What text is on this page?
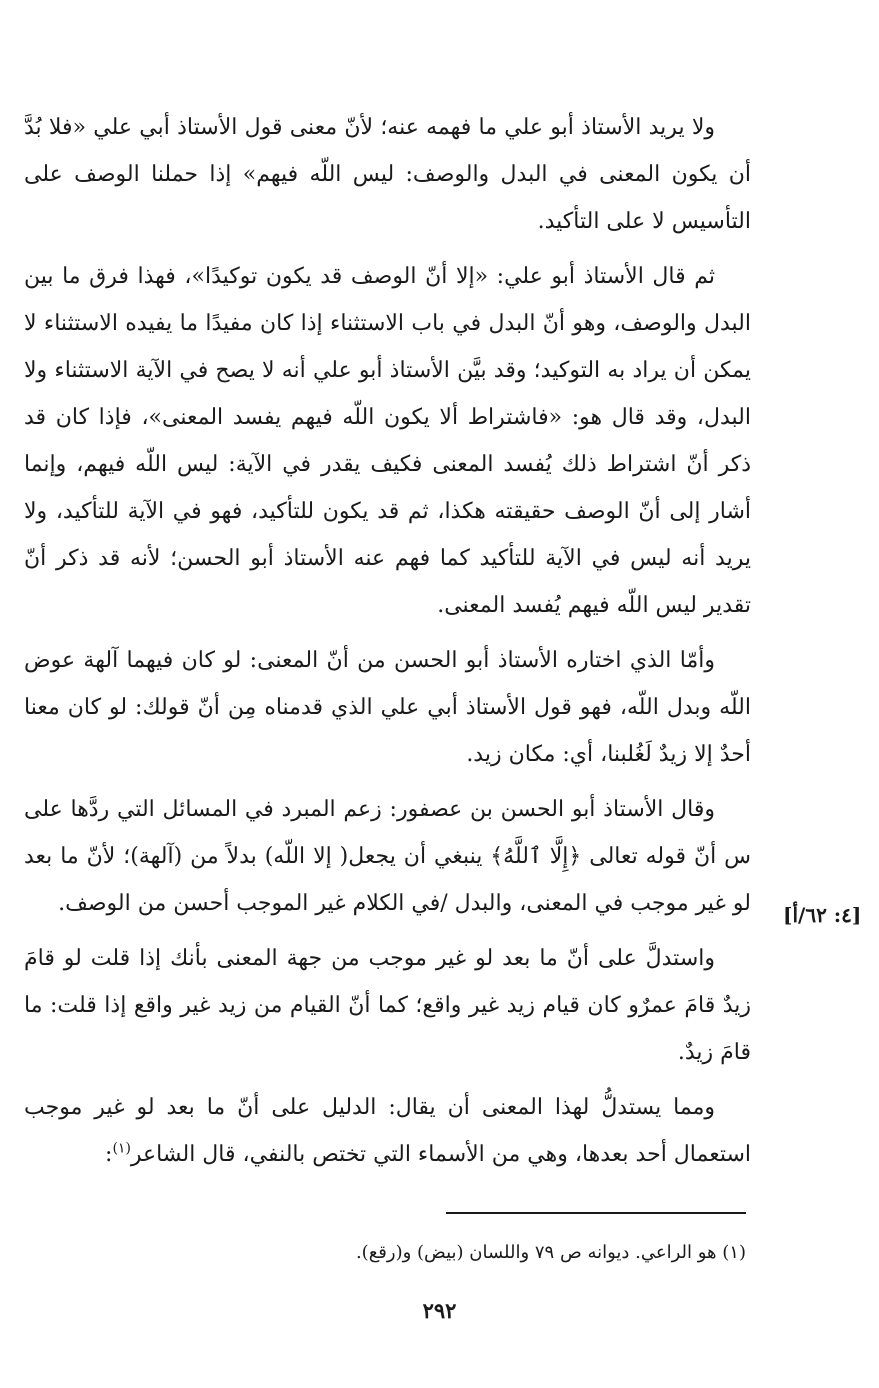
ولا يريد الأستاذ أبو علي ما فهمه عنه؛ لأنّ معنى قول الأستاذ أبي علي «فلا بُدَّ أن يكون المعنى في البدل والوصف: ليس اللّه فيهم» إذا حملنا الوصف على التأسيس لا على التأكيد.

ثم قال الأستاذ أبو علي: «إلا أنّ الوصف قد يكون توكيدًا»، فهذا فرق ما بين البدل والوصف، وهو أنّ البدل في باب الاستثناء إذا كان مفيدًا ما يفيده الاستثناء لا يمكن أن يراد به التوكيد؛ وقد بيَّن الأستاذ أبو علي أنه لا يصح في الآية الاستثناء ولا البدل، وقد قال هو: «فاشتراط ألا يكون اللّه فيهم يفسد المعنى»، فإذا كان قد ذكر أنّ اشتراط ذلك يُفسد المعنى فكيف يقدر في الآية: ليس اللّه فيهم، وإنما أشار إلى أنّ الوصف حقيقته هكذا، ثم قد يكون للتأكيد، فهو في الآية للتأكيد، ولا يريد أنه ليس في الآية للتأكيد كما فهم عنه الأستاذ أبو الحسن؛ لأنه قد ذكر أنّ تقدير ليس اللّه فيهم يُفسد المعنى.

وأمّا الذي اختاره الأستاذ أبو الحسن من أنّ المعنى: لو كان فيهما آلهة عوض اللّه وبدل اللّه، فهو قول الأستاذ أبي علي الذي قدمناه مِن أنّ قولك: لو كان معنا أحدٌ إلا زيدٌ لَغُلبنا، أي: مكان زيد.

وقال الأستاذ أبو الحسن بن عصفور: زعم المبرد في المسائل التي ردَّها على س أنّ قوله تعالى ﴿إِلَّا ٱللَّهُ﴾ ينبغي أن يجعل( إلا اللّه) بدلاً من (آلهة)؛ لأنّ ما بعد لو غير موجب في المعنى، والبدل /في الكلام غير الموجب أحسن من الوصف.

واستدلَّ على أنّ ما بعد لو غير موجب من جهة المعنى بأنك إذا قلت لو قامَ زيدٌ قامَ عمرٌو كان قيام زيد غير واقع؛ كما أنّ القيام من زيد غير واقع إذا قلت: ما قامَ زيدٌ.

ومما يستدلُّ لهذا المعنى أن يقال: الدليل على أنّ ما بعد لو غير موجب استعمال أحد بعدها، وهي من الأسماء التي تختص بالنفي، قال الشاعر$^{(١)}$:

[٤: ٦٢/أ]
(١) هو الراعي. ديوانه ص ٧٩ واللسان (بيض) و(رقع).
٢٩٢
